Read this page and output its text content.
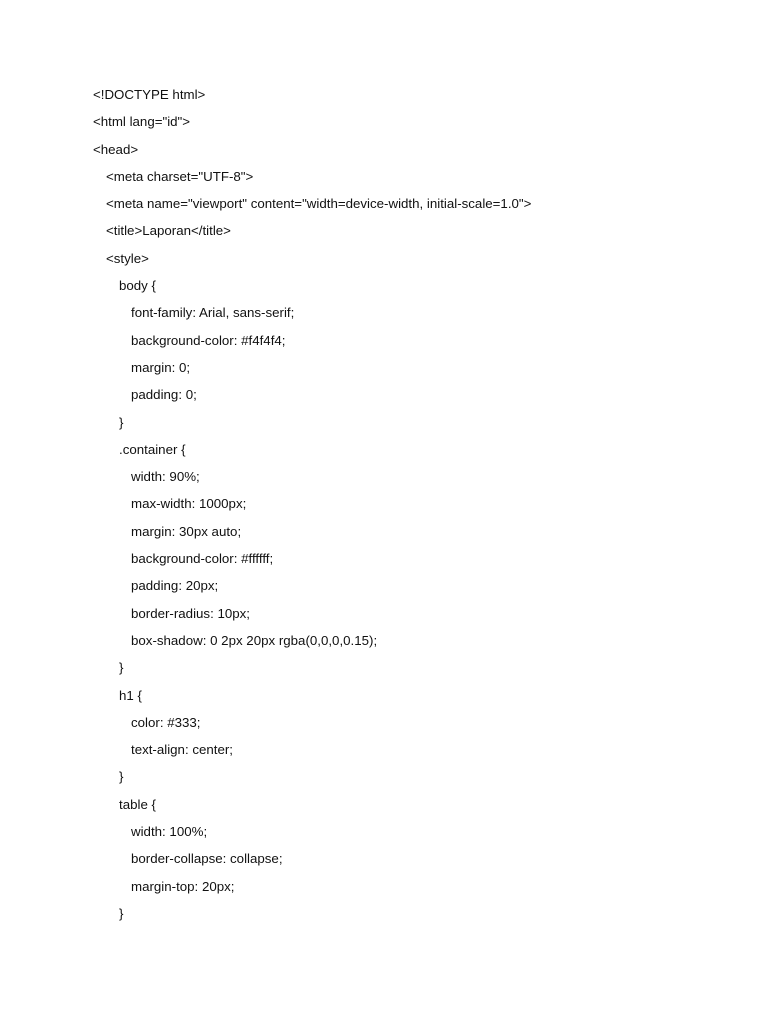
<!DOCTYPE html>
<html lang="id">
<head>
<meta charset="UTF-8">
<meta name="viewport" content="width=device-width, initial-scale=1.0">
<title>Laporan</title>
<style>
body {
font-family: Arial, sans-serif;
background-color: #f4f4f4;
margin: 0;
padding: 0;
}
.container {
width: 90%;
max-width: 1000px;
margin: 30px auto;
background-color: #ffffff;
padding: 20px;
border-radius: 10px;
box-shadow: 0 2px 20px rgba(0,0,0,0.15);
}
h1 {
color: #333;
text-align: center;
}
table {
width: 100%;
border-collapse: collapse;
margin-top: 20px;
}
